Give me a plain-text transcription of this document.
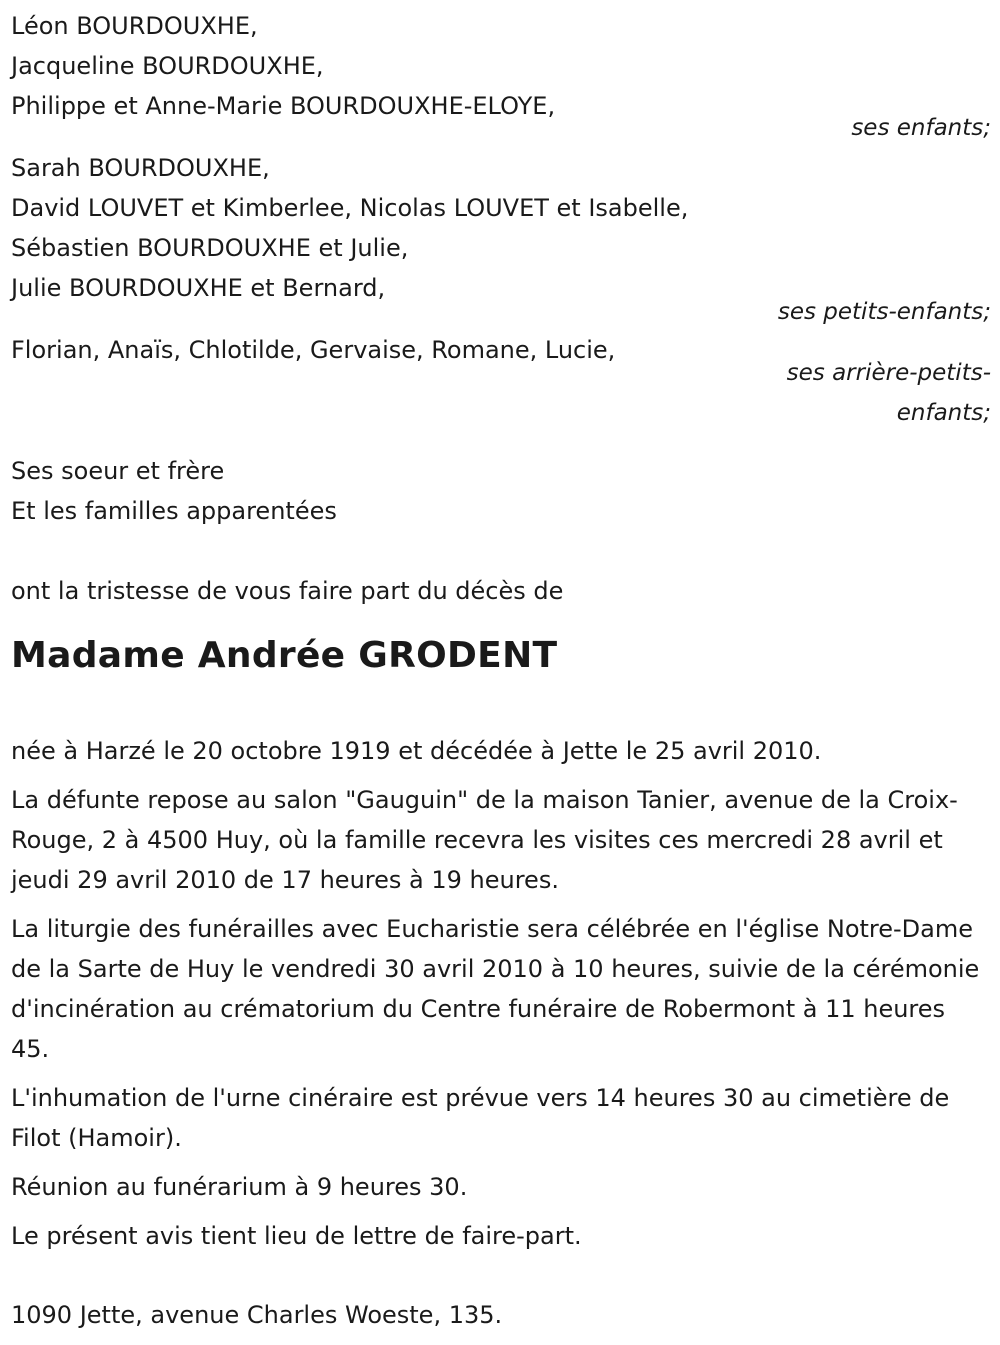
Léon BOURDOUXHE,
Jacqueline BOURDOUXHE,
Philippe et Anne-Marie BOURDOUXHE-ELOYE,
ses enfants;
Sarah BOURDOUXHE,
David LOUVET et Kimberlee, Nicolas LOUVET et Isabelle,
Sébastien BOURDOUXHE et Julie,
Julie BOURDOUXHE et Bernard,
ses petits-enfants;
Florian, Anaïs, Chlotilde, Gervaise, Romane, Lucie,
ses arrière-petits-
enfants;
Ses soeur et frère
Et les familles apparentées
ont la tristesse de vous faire part du décès de
Madame Andrée GRODENT
née à Harzé le 20 octobre 1919 et décédée à Jette le 25 avril 2010.
La défunte repose au salon "Gauguin" de la maison Tanier, avenue de la Croix-Rouge, 2 à 4500 Huy, où la famille recevra les visites ces mercredi 28 avril et jeudi 29 avril 2010 de 17 heures à 19 heures.
La liturgie des funérailles avec Eucharistie sera célébrée en l'église Notre-Dame de la Sarte de Huy le vendredi 30 avril 2010 à 10 heures, suivie de la cérémonie d'incinération au crématorium du Centre funéraire de Robermont à 11 heures 45.
L'inhumation de l'urne cinéraire est prévue vers 14 heures 30 au cimetière de Filot (Hamoir).
Réunion au funérarium à 9 heures 30.
Le présent avis tient lieu de lettre de faire-part.
1090 Jette, avenue Charles Woeste, 135.
